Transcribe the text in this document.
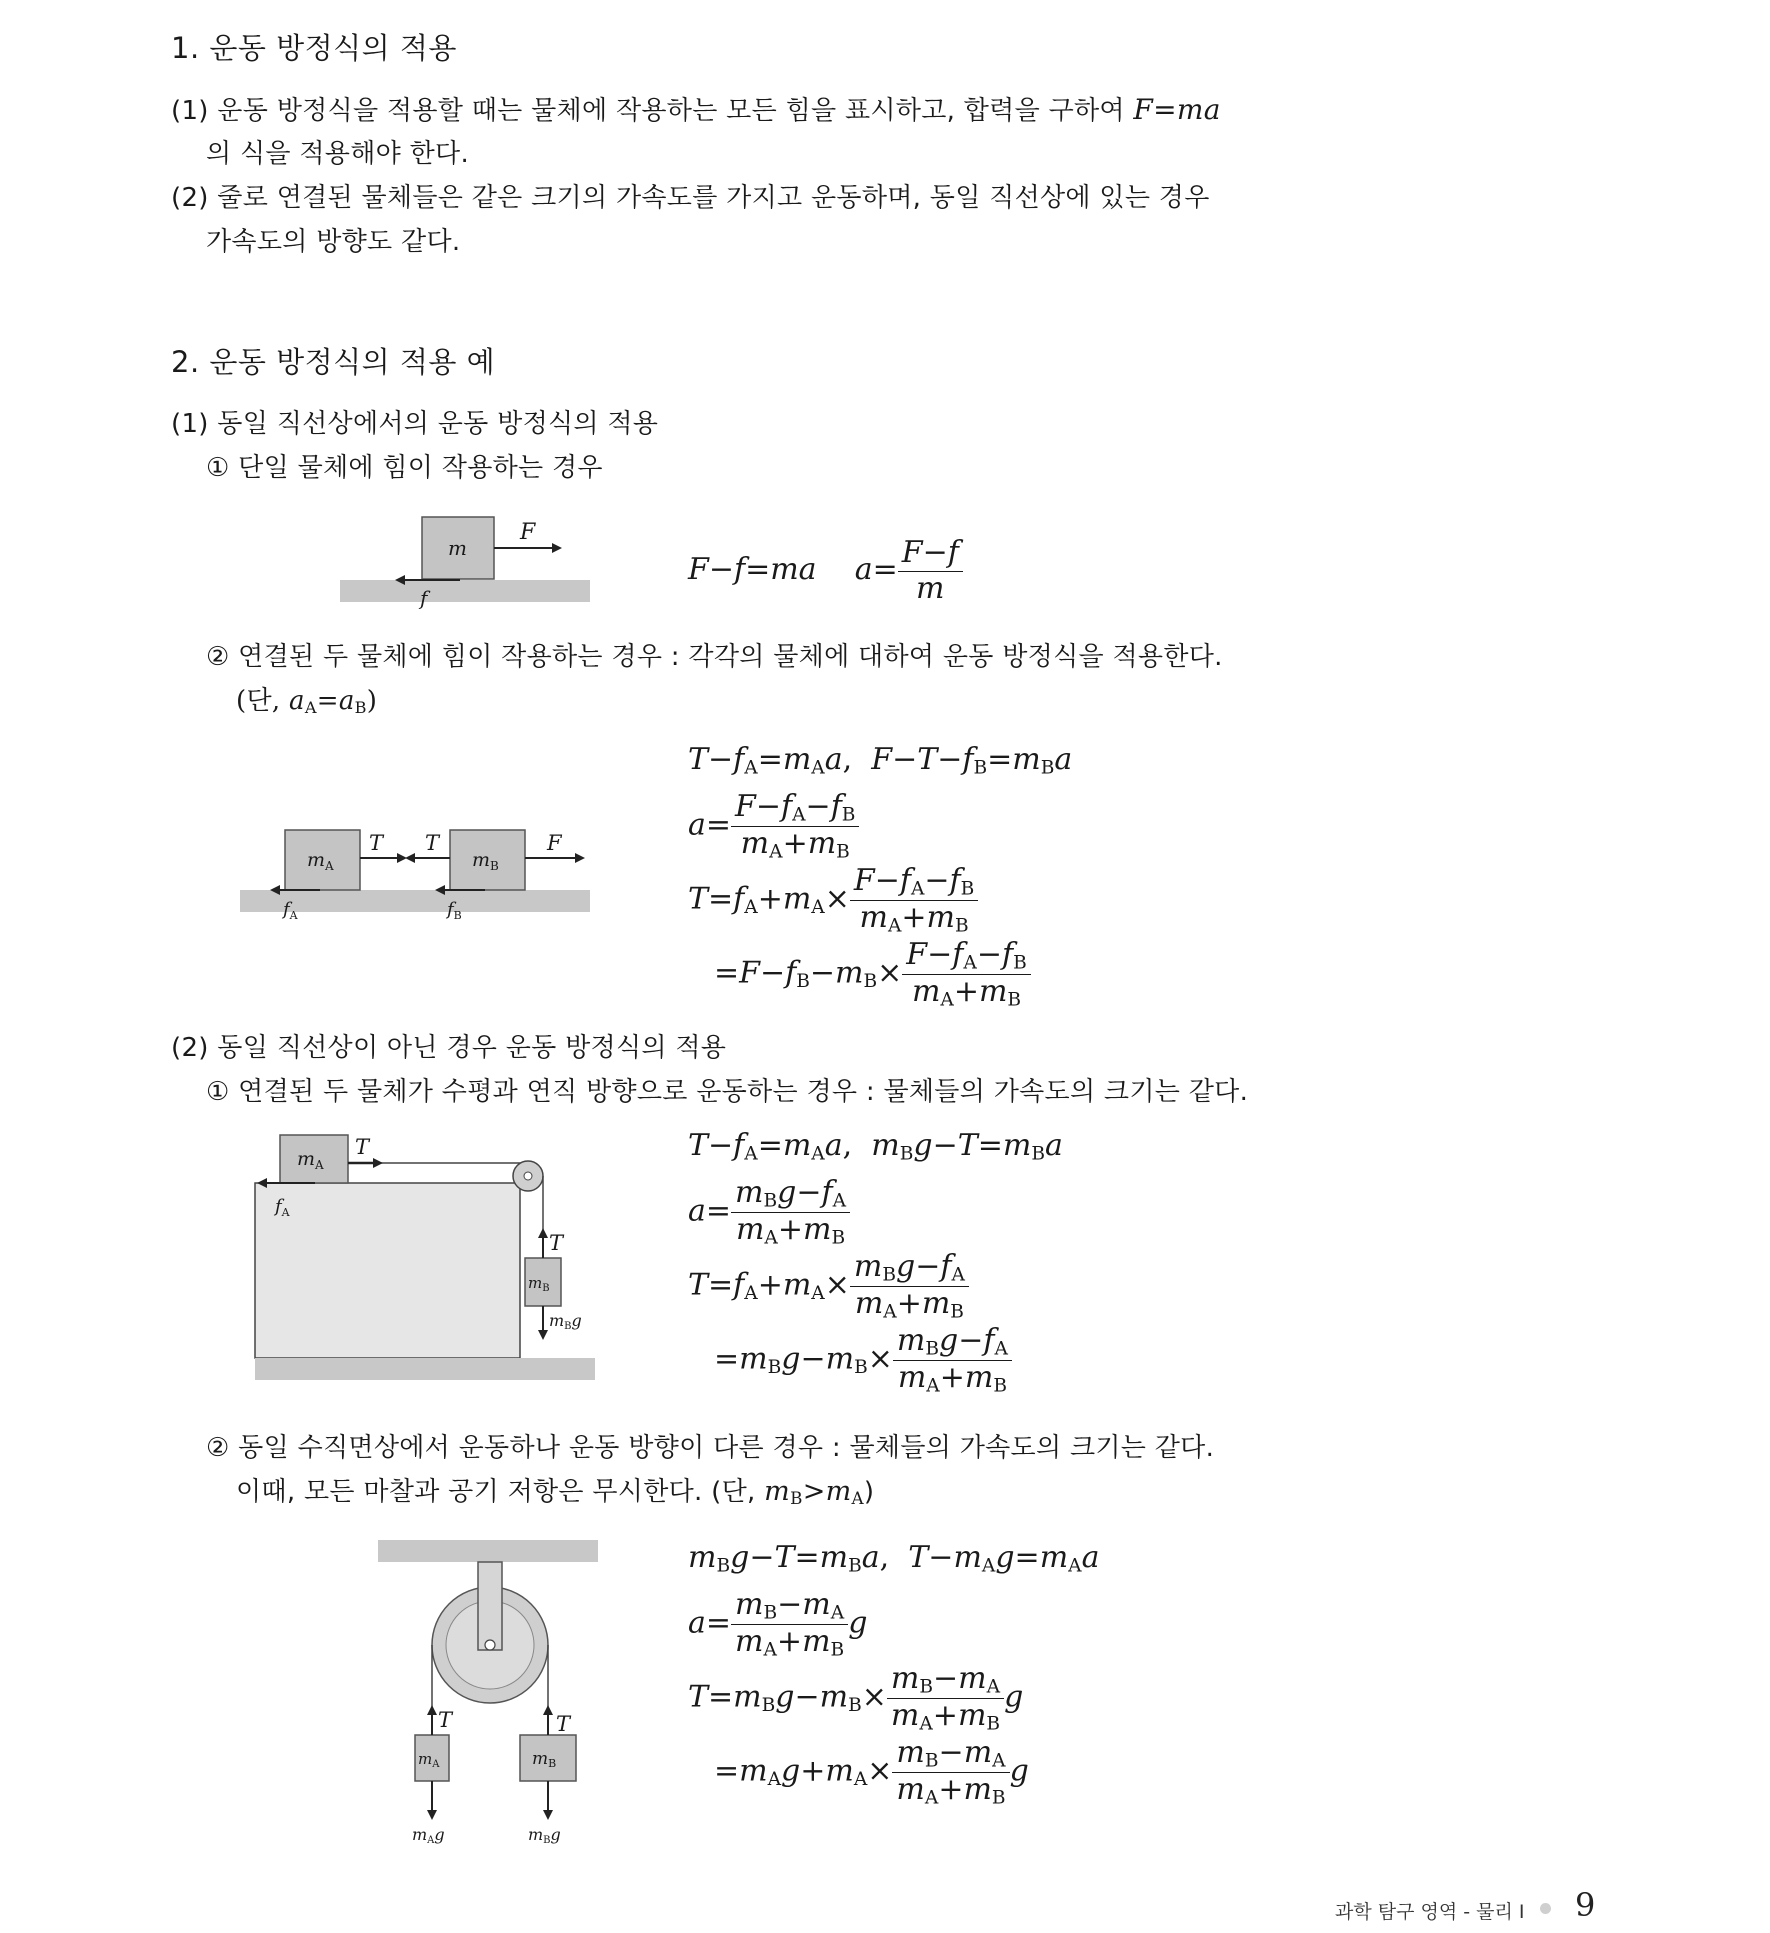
1. 운동 방정식의 적용
(1) 운동 방정식을 적용할 때는 물체에 작용하는 모든 힘을 표시하고, 합력을 구하여 F=ma
의 식을 적용해야 한다.
(2) 줄로 연결된 물체들은 같은 크기의 가속도를 가지고 운동하며, 동일 직선상에 있는 경우
가속도의 방향도 같다.
2. 운동 방정식의 적용 예
(1) 동일 직선상에서의 운동 방정식의 적용
① 단일 물체에 힘이 작용하는 경우
m
F
f
F−f=ma    $a= \frac{F-f}{m}$
② 연결된 두 물체에 힘이 작용하는 경우 : 각각의 물체에 대하여 운동 방정식을 적용한다.
(단, $a_A=a_B$)
$m_A$	$m_B$
T T	F
$f_A$	$f_B$
$T-f_A=m_Aa$,  $F-T-f_B=m_Ba$
$a= \frac{F-f_A-f_B}{m_A+m_B}$
$T=f_A+m_A\times \frac{F-f_A-f_B}{m_A+m_B}$
$=F-f_B-m_B\times \frac{F-f_A-f_B}{m_A+m_B}$
(2) 동일 직선상이 아닌 경우 운동 방정식의 적용
① 연결된 두 물체가 수평과 연직 방향으로 운동하는 경우 : 물체들의 가속도의 크기는 같다.
$m_A$
T
$f_A$
$m_B$
T
mBg
$T-f_A=m_Aa$,  $m_Bg-T=m_Ba$
$a= \frac{m_Bg-f_A}{m_A+m_B}$
$T=f_A+m_A\times \frac{m_Bg-f_A}{m_A+m_B}$
$=m_Bg-m_B\times \frac{m_Bg-f_A}{m_A+m_B}$
② 동일 수직면상에서 운동하나 운동 방향이 다른 경우 : 물체들의 가속도의 크기는 같다.
이때, 모든 마찰과 공기 저항은 무시한다. (단, $m_B>m_A$)
$m_A$	mB
T	T
mAg	mBg
$m_Bg-T=m_Ba$,  $T-m_Ag=m_Aa$
$a= \frac{m_B-m_A}{m_A+m_B}$ g
$T=m_Bg-m_B\times \frac{m_B-m_A}{m_A+m_B}$ g
$=m_Ag+m_A\times \frac{m_B-m_A}{m_A+m_B}$ g
과학 탐구 영역 - 물리 I 9
